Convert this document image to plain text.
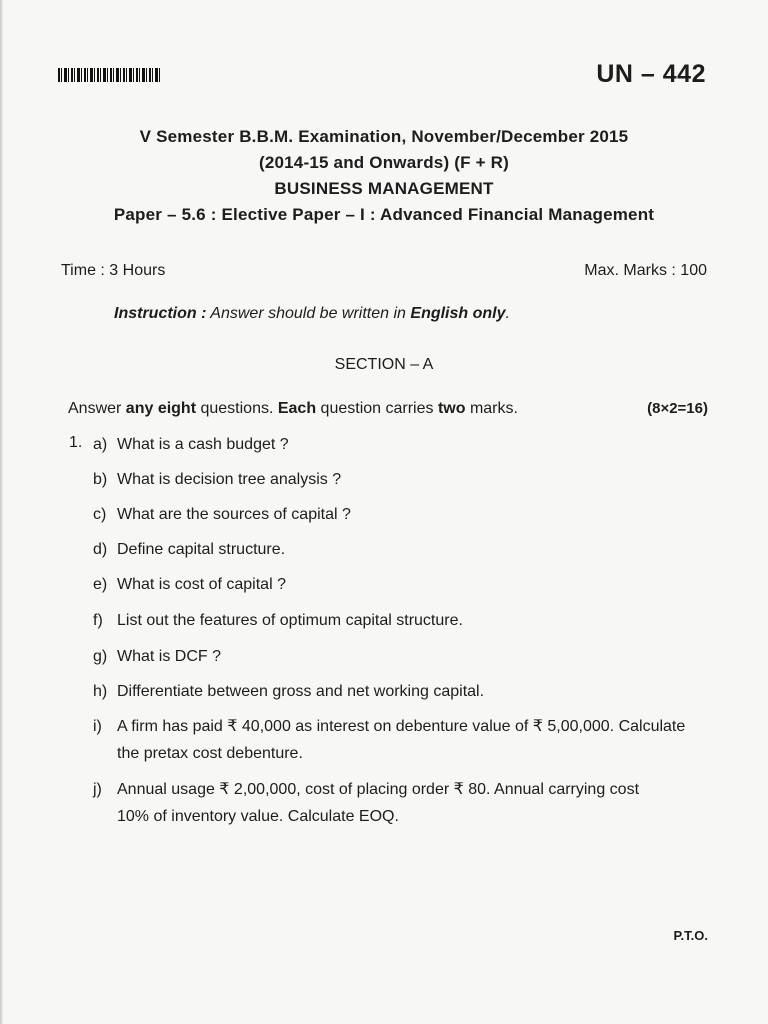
UN – 442
V Semester B.B.M. Examination, November/December 2015
(2014-15 and Onwards) (F + R)
BUSINESS MANAGEMENT
Paper – 5.6 : Elective Paper – I : Advanced Financial Management
Time : 3 Hours	Max. Marks : 100
Instruction : Answer should be written in English only.
SECTION – A
Answer any eight questions. Each question carries two marks.	(8×2=16)
1. a) What is a cash budget ?
b) What is decision tree analysis ?
c) What are the sources of capital ?
d) Define capital structure.
e) What is cost of capital ?
f) List out the features of optimum capital structure.
g) What is DCF ?
h) Differentiate between gross and net working capital.
i) A firm has paid ₹ 40,000 as interest on debenture value of ₹ 5,00,000. Calculate
the pretax cost debenture.
j) Annual usage ₹ 2,00,000, cost of placing order ₹ 80. Annual carrying cost
10% of inventory value. Calculate EOQ.
P.T.O.
